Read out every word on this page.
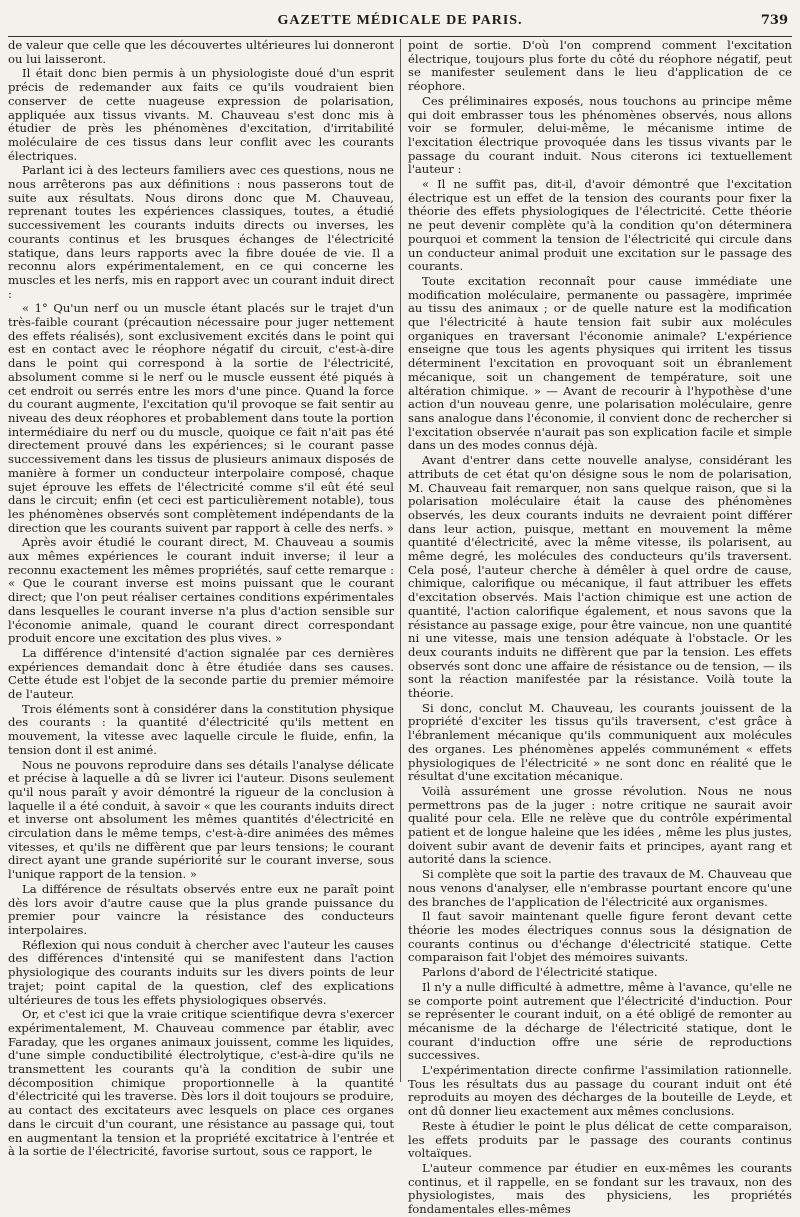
GAZETTE MÉDICALE DE PARIS.	739

de valeur que celle que les découvertes ultérieures lui donneront ou lui laisseront.

Il était donc bien permis à un physiologiste doué d'un esprit précis de redemander aux faits ce qu'ils voudraient bien conserver de cette nuageuse expression de polarisation, appliquée aux tissus vivants. M. Chauveau s'est donc mis à étudier de près les phénomènes d'excitation, d'irritabilité moléculaire de ces tissus dans leur conflit avec les courants électriques.

Parlant ici à des lecteurs familiers avec ces questions, nous ne nous arrêterons pas aux définitions : nous passerons tout de suite aux résultats. Nous dirons donc que M. Chauveau, reprenant toutes les expériences classiques, toutes, a étudié successivement les courants induits directs ou inverses, les courants continus et les brusques échanges de l'électricité statique, dans leurs rapports avec la fibre douée de vie. Il a reconnu alors expérimentalement, en ce qui concerne les muscles et les nerfs, mis en rapport avec un courant induit direct :

« 1° Qu'un nerf ou un muscle étant placés sur le trajet d'un très-faible courant (précaution nécessaire pour juger nettement des effets réalisés), sont exclusivement excités dans le point qui est en contact avec le réophore négatif du circuit, c'est-à-dire dans le point qui correspond à la sortie de l'électricité, absolument comme si le nerf ou le muscle eussent été piqués à cet endroit ou serrés entre les mors d'une pince. Quand la force du courant augmente, l'excitation qu'il provoque se fait sentir au niveau des deux réophores et probablement dans toute la portion intermédiaire du nerf ou du muscle, quoique ce fait n'ait pas été directement prouvé dans les expériences; si le courant passe successivement dans les tissus de plusieurs animaux disposés de manière à former un conducteur interpolaire composé, chaque sujet éprouve les effets de l'électricité comme s'il eût été seul dans le circuit; enfin (et ceci est particulièrement notable), tous les phénomènes observés sont complètement indépendants de la direction que les courants suivent par rapport à celle des nerfs. »

Après avoir étudié le courant direct, M. Chauveau a soumis aux mêmes expériences le courant induit inverse; il leur a reconnu exactement les mêmes propriétés, sauf cette remarque : « Que le courant inverse est moins puissant que le courant direct; que l'on peut réaliser certaines conditions expérimentales dans lesquelles le courant inverse n'a plus d'action sensible sur l'économie animale, quand le courant direct correspondant produit encore une excitation des plus vives. »

La différence d'intensité d'action signalée par ces dernières expériences demandait donc à être étudiée dans ses causes. Cette étude est l'objet de la seconde partie du premier mémoire de l'auteur.

Trois éléments sont à considérer dans la constitution physique des courants : la quantité d'électricité qu'ils mettent en mouvement, la vitesse avec laquelle circule le fluide, enfin, la tension dont il est animé.

Nous ne pouvons reproduire dans ses détails l'analyse délicate et précise à laquelle a dû se livrer ici l'auteur. Disons seulement qu'il nous paraît y avoir démontré la rigueur de la conclusion à laquelle il a été conduit, à savoir « que les courants induits direct et inverse ont absolument les mêmes quantités d'électricité en circulation dans le même temps, c'est-à-dire animées des mêmes vitesses, et qu'ils ne diffèrent que par leurs tensions; le courant direct ayant une grande supériorité sur le courant inverse, sous l'unique rapport de la tension. »

La différence de résultats observés entre eux ne paraît point dès lors avoir d'autre cause que la plus grande puissance du premier pour vaincre la résistance des conducteurs interpolaires.

Réflexion qui nous conduit à chercher avec l'auteur les causes des différences d'intensité qui se manifestent dans l'action physiologique des courants induits sur les divers points de leur trajet; point capital de la question, clef des explications ultérieures de tous les effets physiologiques observés.

Or, et c'est ici que la vraie critique scientifique devra s'exercer expérimentalement, M. Chauveau commence par établir, avec Faraday, que les organes animaux jouissent, comme les liquides, d'une simple conductibilité électrolytique, c'est-à-dire qu'ils ne transmettent les courants qu'à la condition de subir une décomposition chimique proportionnelle à la quantité d'électricité qui les traverse. Dès lors il doit toujours se produire, au contact des excitateurs avec lesquels on place ces organes dans le circuit d'un courant, une résistance au passage qui, tout en augmentant la tension et la propriété excitatrice à l'entrée et à la sortie de l'électricité, favorise surtout, sous ce rapport, le

point de sortie. D'où l'on comprend comment l'excitation électrique, toujours plus forte du côté du réophore négatif, peut se manifester seulement dans le lieu d'application de ce réophore.

Ces préliminaires exposés, nous touchons au principe même qui doit embrasser tous les phénomènes observés, nous allons voir se formuler, delui-même, le mécanisme intime de l'excitation électrique provoquée dans les tissus vivants par le passage du courant induit. Nous citerons ici textuellement l'auteur :

« Il ne suffit pas, dit-il, d'avoir démontré que l'excitation électrique est un effet de la tension des courants pour fixer la théorie des effets physiologiques de l'électricité. Cette théorie ne peut devenir complète qu'à la condition qu'on déterminera pourquoi et comment la tension de l'électricité qui circule dans un conducteur animal produit une excitation sur le passage des courants.

Toute excitation reconnaît pour cause immédiate une modification moléculaire, permanente ou passagère, imprimée au tissu des animaux ; or de quelle nature est la modification que l'électricité à haute tension fait subir aux molécules organiques en traversant l'économie animale? L'expérience enseigne que tous les agents physiques qui irritent les tissus déterminent l'excitation en provoquant soit un ébranlement mécanique, soit un changement de température, soit une altération chimique. » — Avant de recourir à l'hypothèse d'une action d'un nouveau genre, une polarisation moléculaire, genre sans analogue dans l'économie, il convient donc de rechercher si l'excitation observée n'aurait pas son explication facile et simple dans un des modes connus déjà.

Avant d'entrer dans cette nouvelle analyse, considérant les attributs de cet état qu'on désigne sous le nom de polarisation, M. Chauveau fait remarquer, non sans quelque raison, que si la polarisation moléculaire était la cause des phénomènes observés, les deux courants induits ne devraient point différer dans leur action, puisque, mettant en mouvement la même quantité d'électricité, avec la même vitesse, ils polarisent, au même degré, les molécules des conducteurs qu'ils traversent. Cela posé, l'auteur cherche à démêler à quel ordre de cause, chimique, calorifique ou mécanique, il faut attribuer les effets d'excitation observés. Mais l'action chimique est une action de quantité, l'action calorifique également, et nous savons que la résistance au passage exige, pour être vaincue, non une quantité ni une vitesse, mais une tension adéquate à l'obstacle. Or les deux courants induits ne diffèrent que par la tension. Les effets observés sont donc une affaire de résistance ou de tension, — ils sont la réaction manifestée par la résistance. Voilà toute la théorie.

Si donc, conclut M. Chauveau, les courants jouissent de la propriété d'exciter les tissus qu'ils traversent, c'est grâce à l'ébranlement mécanique qu'ils communiquent aux molécules des organes. Les phénomènes appelés communément « effets physiologiques de l'électricité » ne sont donc en réalité que le résultat d'une excitation mécanique.

Voilà assurément une grosse révolution. Nous ne nous permettrons pas de la juger : notre critique ne saurait avoir qualité pour cela. Elle ne relève que du contrôle expérimental patient et de longue haleine que les idées , même les plus justes, doivent subir avant de devenir faits et principes, ayant rang et autorité dans la science.

Si complète que soit la partie des travaux de M. Chauveau que nous venons d'analyser, elle n'embrasse pourtant encore qu'une des branches de l'application de l'électricité aux organismes.

Il faut savoir maintenant quelle figure feront devant cette théorie les modes électriques connus sous la désignation de courants continus ou d'échange d'électricité statique. Cette comparaison fait l'objet des mémoires suivants.

Parlons d'abord de l'électricité statique.

Il n'y a nulle difficulté à admettre, même à l'avance, qu'elle ne se comporte point autrement que l'électricité d'induction. Pour se représenter le courant induit, on a été obligé de remonter au mécanisme de la décharge de l'électricité statique, dont le courant d'induction offre une série de reproductions successives.

L'expérimentation directe confirme l'assimilation rationnelle. Tous les résultats dus au passage du courant induit ont été reproduits au moyen des décharges de la bouteille de Leyde, et ont dû donner lieu exactement aux mêmes conclusions.

Reste à étudier le point le plus délicat de cette comparaison, les effets produits par le passage des courants continus voltaïques.

L'auteur commence par étudier en eux-mêmes les courants continus, et il rappelle, en se fondant sur les travaux, non des physiologistes, mais des physiciens, les propriétés fondamentales elles-mêmes
